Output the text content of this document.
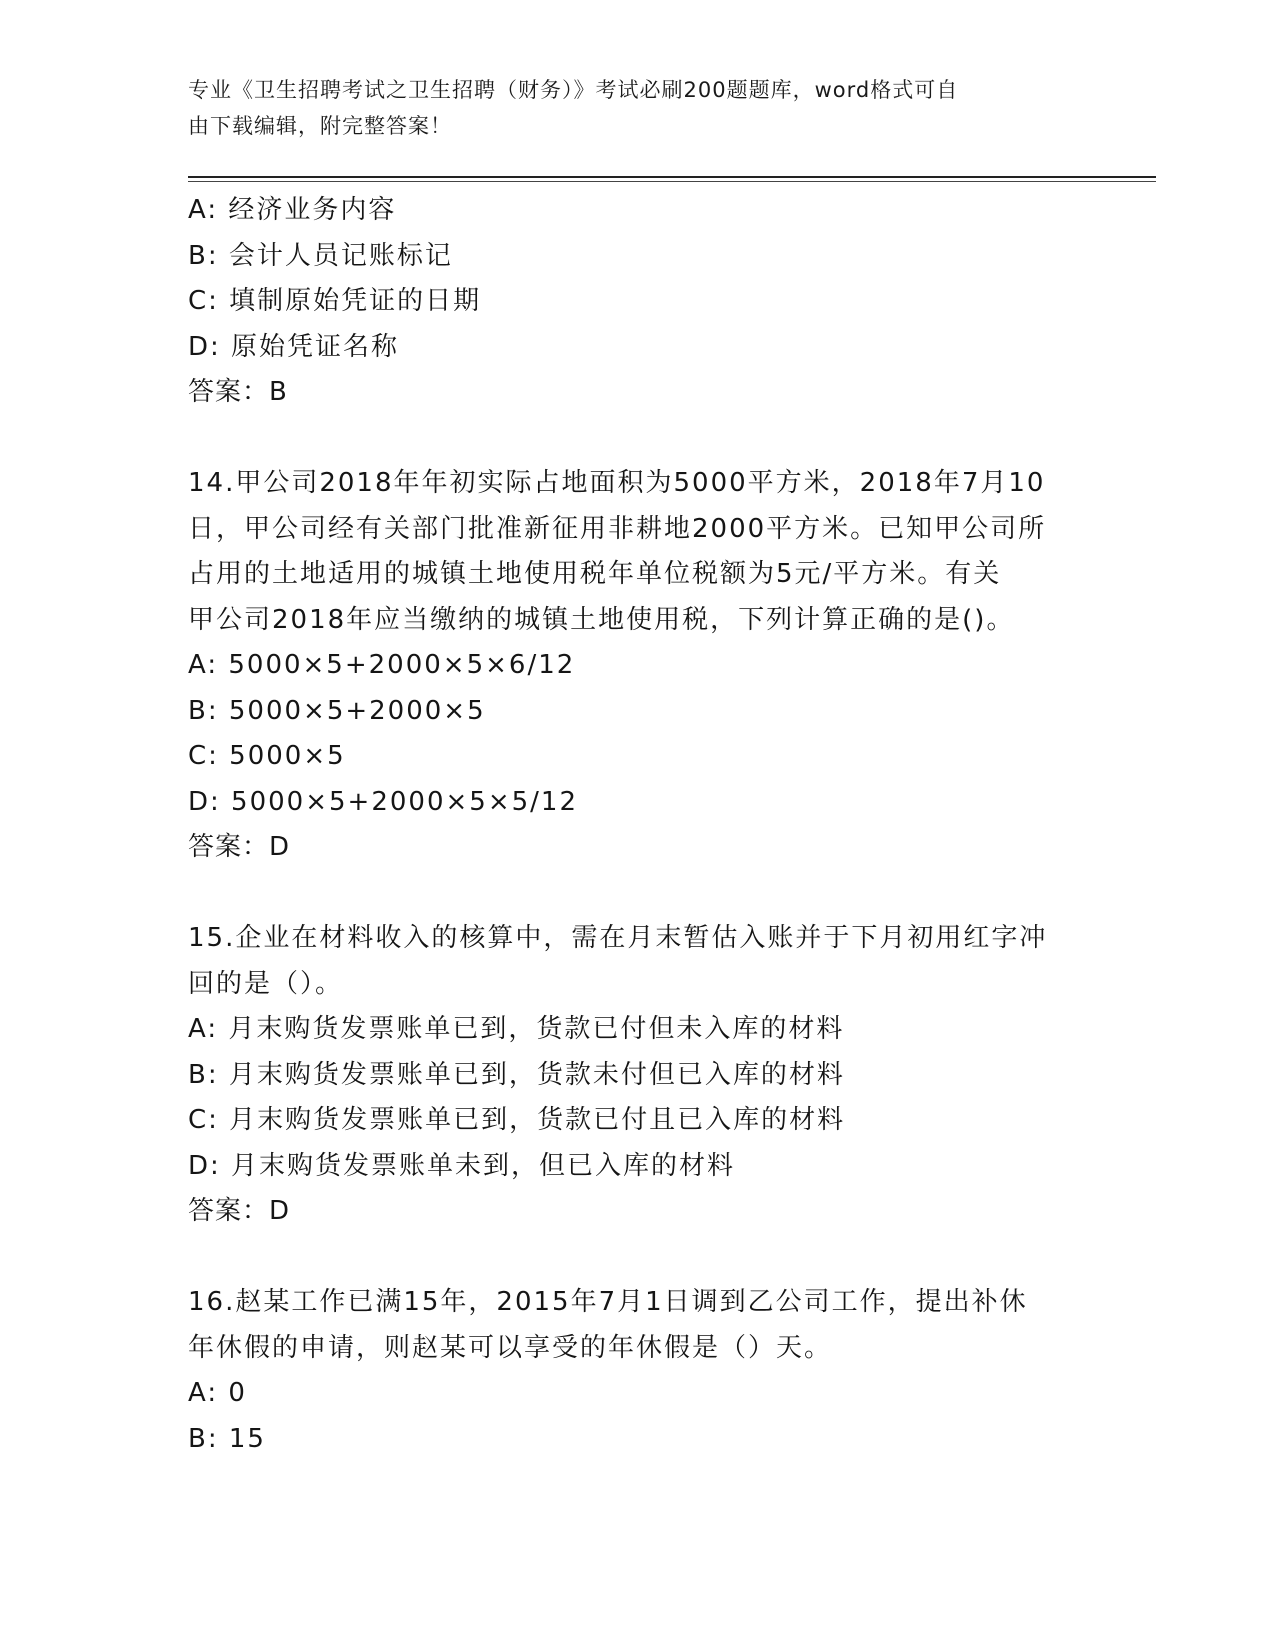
专业《卫生招聘考试之卫生招聘（财务）》考试必刷200题题库，word格式可自
由下载编辑，附完整答案！
A: 经济业务内容
B: 会计人员记账标记
C: 填制原始凭证的日期
D: 原始凭证名称
答案：B
14.甲公司2018年年初实际占地面积为5000平方米，2018年7月10
日，甲公司经有关部门批准新征用非耕地2000平方米。已知甲公司所
占用的土地适用的城镇土地使用税年单位税额为5元/平方米。有关
甲公司2018年应当缴纳的城镇土地使用税，下列计算正确的是()。
A: 5000×5+2000×5×6/12
B: 5000×5+2000×5
C: 5000×5
D: 5000×5+2000×5×5/12
答案：D
15.企业在材料收入的核算中，需在月末暂估入账并于下月初用红字冲
回的是（）。
A: 月末购货发票账单已到，货款已付但未入库的材料
B: 月末购货发票账单已到，货款未付但已入库的材料
C: 月末购货发票账单已到，货款已付且已入库的材料
D: 月末购货发票账单未到，但已入库的材料
答案：D
16.赵某工作已满15年，2015年7月1日调到乙公司工作，提出补休
年休假的申请，则赵某可以享受的年休假是（）天。
A: 0
B: 15
